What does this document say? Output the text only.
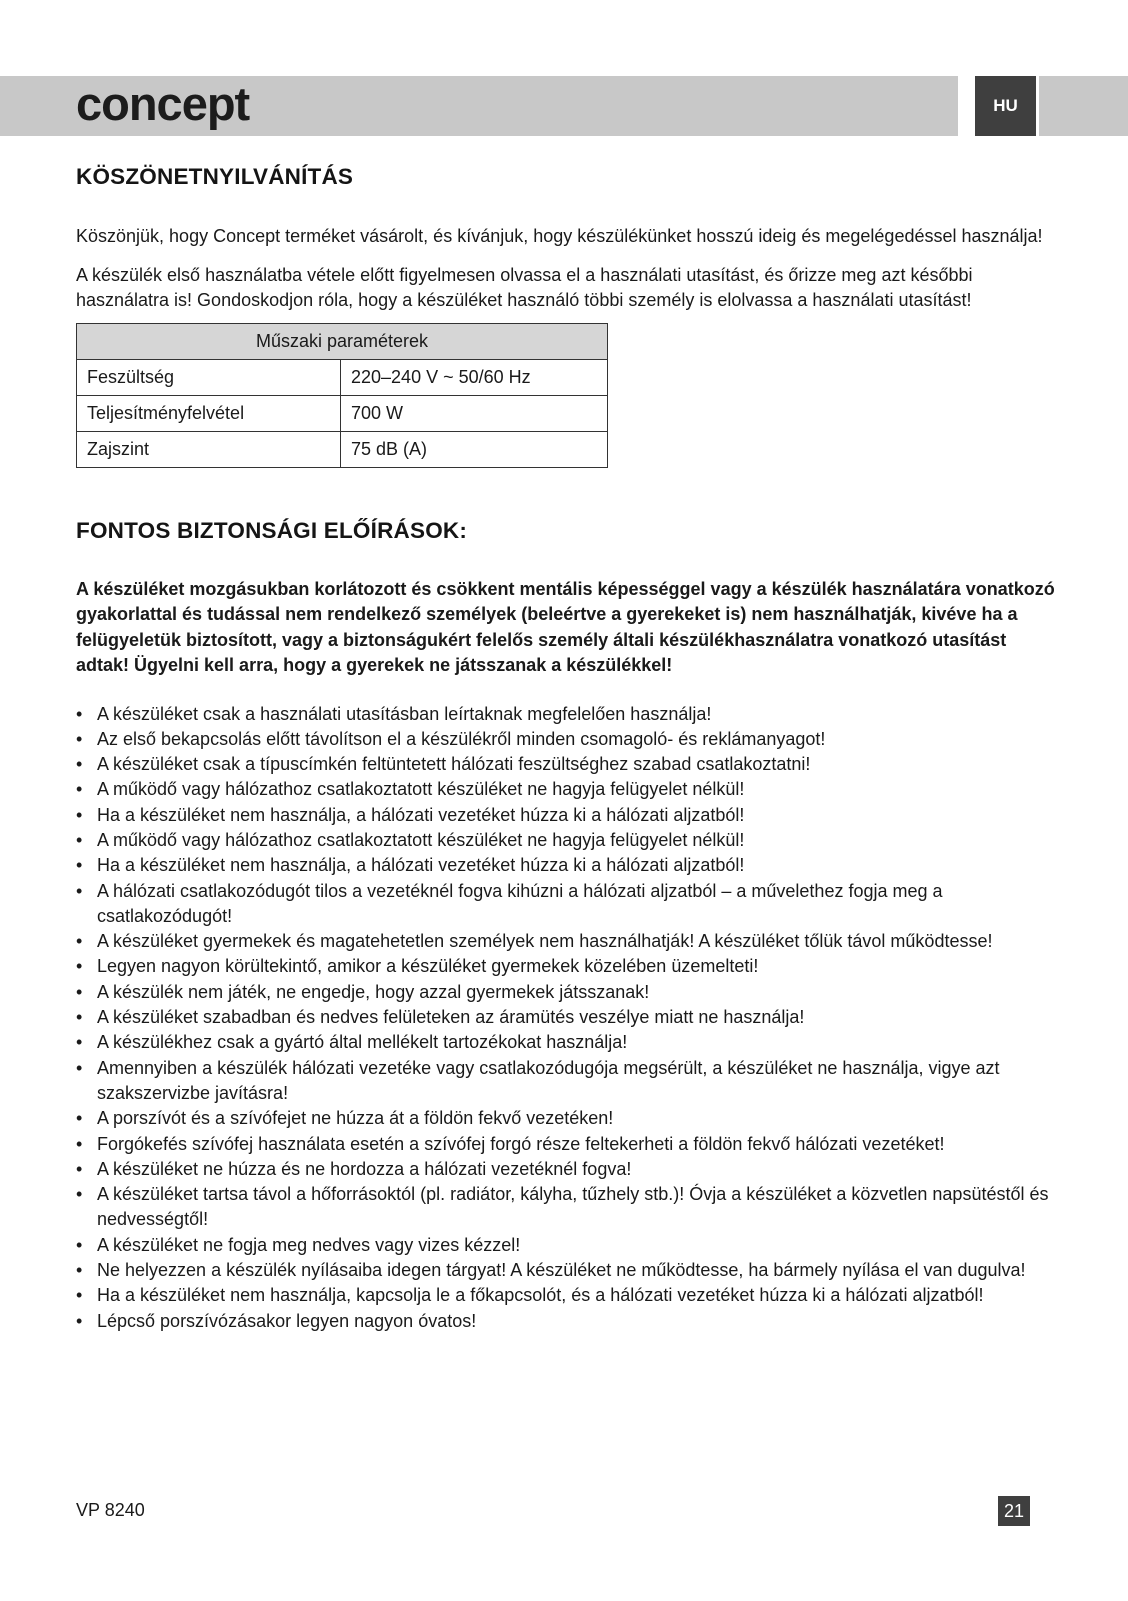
concept	HU
KÖSZÖNETNYILVÁNÍTÁS

Köszönjük, hogy Concept terméket vásárolt, és kívánjuk, hogy készülékünket hosszú ideig és megelégedéssel használja!

A készülék első használatba vétele előtt figyelmesen olvassa el a használati utasítást, és őrizze meg azt későbbi használatra is! Gondoskodjon róla, hogy a készüléket használó többi személy is elolvassa a használati utasítást!

Műszaki paraméterek	
Feszültség	220–240 V ~ 50/60 Hz
Teljesítményfelvétel	700 W
Zajszint	75 dB (A)
FONTOS BIZTONSÁGI ELŐÍRÁSOK:

A készüléket mozgásukban korlátozott és csökkent mentális képességgel vagy a készülék használatára vonatkozó gyakorlattal és tudással nem rendelkező személyek (beleértve a gyerekeket is) nem használhatják, kivéve ha a felügyeletük biztosított, vagy a biztonságukért felelős személy általi készülékhasználatra vonatkozó utasítást adtak! Ügyelni kell arra, hogy a gyerekek ne játsszanak a készülékkel!

• A készüléket csak a használati utasításban leírtaknak megfelelően használja!
• Az első bekapcsolás előtt távolítson el a készülékről minden csomagoló- és reklámanyagot!
• A készüléket csak a típuscímkén feltüntetett hálózati feszültséghez szabad csatlakoztatni!
• A működő vagy hálózathoz csatlakoztatott készüléket ne hagyja felügyelet nélkül!
• Ha a készüléket nem használja, a hálózati vezetéket húzza ki a hálózati aljzatból!
• A működő vagy hálózathoz csatlakoztatott készüléket ne hagyja felügyelet nélkül!
• Ha a készüléket nem használja, a hálózati vezetéket húzza ki a hálózati aljzatból!
• A hálózati csatlakozódugót tilos a vezetéknél fogva kihúzni a hálózati aljzatból – a művelethez fogja meg a csatlakozódugót!
• A készüléket gyermekek és magatehetetlen személyek nem használhatják! A készüléket tőlük távol működtesse!
• Legyen nagyon körültekintő, amikor a készüléket gyermekek közelében üzemelteti!
• A készülék nem játék, ne engedje, hogy azzal gyermekek játsszanak!
• A készüléket szabadban és nedves felületeken az áramütés veszélye miatt ne használja!
• A készülékhez csak a gyártó által mellékelt tartozékokat használja!
• Amennyiben a készülék hálózati vezetéke vagy csatlakozódugója megsérült, a készüléket ne használja, vigye azt szakszervizbe javításra!
• A porszívót és a szívófejet ne húzza át a földön fekvő vezetéken!
• Forgókefés szívófej használata esetén a szívófej forgó része feltekerheti a földön fekvő hálózati vezetéket!
• A készüléket ne húzza és ne hordozza a hálózati vezetéknél fogva!
• A készüléket tartsa távol a hőforrásoktól (pl. radiátor, kályha, tűzhely stb.)! Óvja a készüléket a közvetlen napsütéstől és nedvességtől!
• A készüléket ne fogja meg nedves vagy vizes kézzel!
• Ne helyezzen a készülék nyílásaiba idegen tárgyat! A készüléket ne működtesse, ha bármely nyílása el van dugulva!
• Ha a készüléket nem használja, kapcsolja le a főkapcsolót, és a hálózati vezetéket húzza ki a hálózati aljzatból!
• Lépcső porszívózásakor legyen nagyon óvatos!
VP 8240	21
